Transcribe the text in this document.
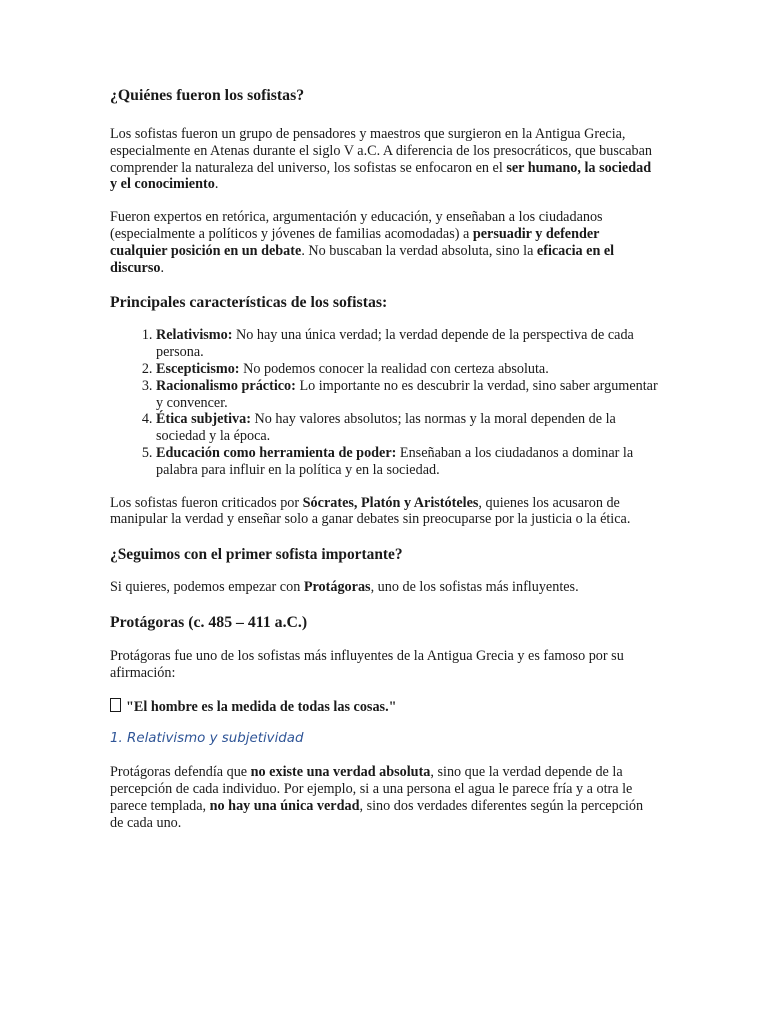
¿Quiénes fueron los sofistas?

Los sofistas fueron un grupo de pensadores y maestros que surgieron en la Antigua Grecia, especialmente en Atenas durante el siglo V a.C. A diferencia de los presocráticos, que buscaban comprender la naturaleza del universo, los sofistas se enfocaron en el ser humano, la sociedad y el conocimiento.

Fueron expertos en retórica, argumentación y educación, y enseñaban a los ciudadanos (especialmente a políticos y jóvenes de familias acomodadas) a persuadir y defender cualquier posición en un debate. No buscaban la verdad absoluta, sino la eficacia en el discurso.

Principales características de los sofistas:

1. Relativismo: No hay una única verdad; la verdad depende de la perspectiva de cada persona.
2. Escepticismo: No podemos conocer la realidad con certeza absoluta.
3. Racionalismo práctico: Lo importante no es descubrir la verdad, sino saber argumentar y convencer.
4. Ética subjetiva: No hay valores absolutos; las normas y la moral dependen de la sociedad y la época.
5. Educación como herramienta de poder: Enseñaban a los ciudadanos a dominar la palabra para influir en la política y en la sociedad.

Los sofistas fueron criticados por Sócrates, Platón y Aristóteles, quienes los acusaron de manipular la verdad y enseñar solo a ganar debates sin preocuparse por la justicia o la ética.

¿Seguimos con el primer sofista importante?

Si quieres, podemos empezar con Protágoras, uno de los sofistas más influyentes.

Protágoras (c. 485 – 411 a.C.)

Protágoras fue uno de los sofistas más influyentes de la Antigua Grecia y es famoso por su afirmación:

"El hombre es la medida de todas las cosas."

1. Relativismo y subjetividad

Protágoras defendía que no existe una verdad absoluta, sino que la verdad depende de la percepción de cada individuo. Por ejemplo, si a una persona el agua le parece fría y a otra le parece templada, no hay una única verdad, sino dos verdades diferentes según la percepción de cada uno.
